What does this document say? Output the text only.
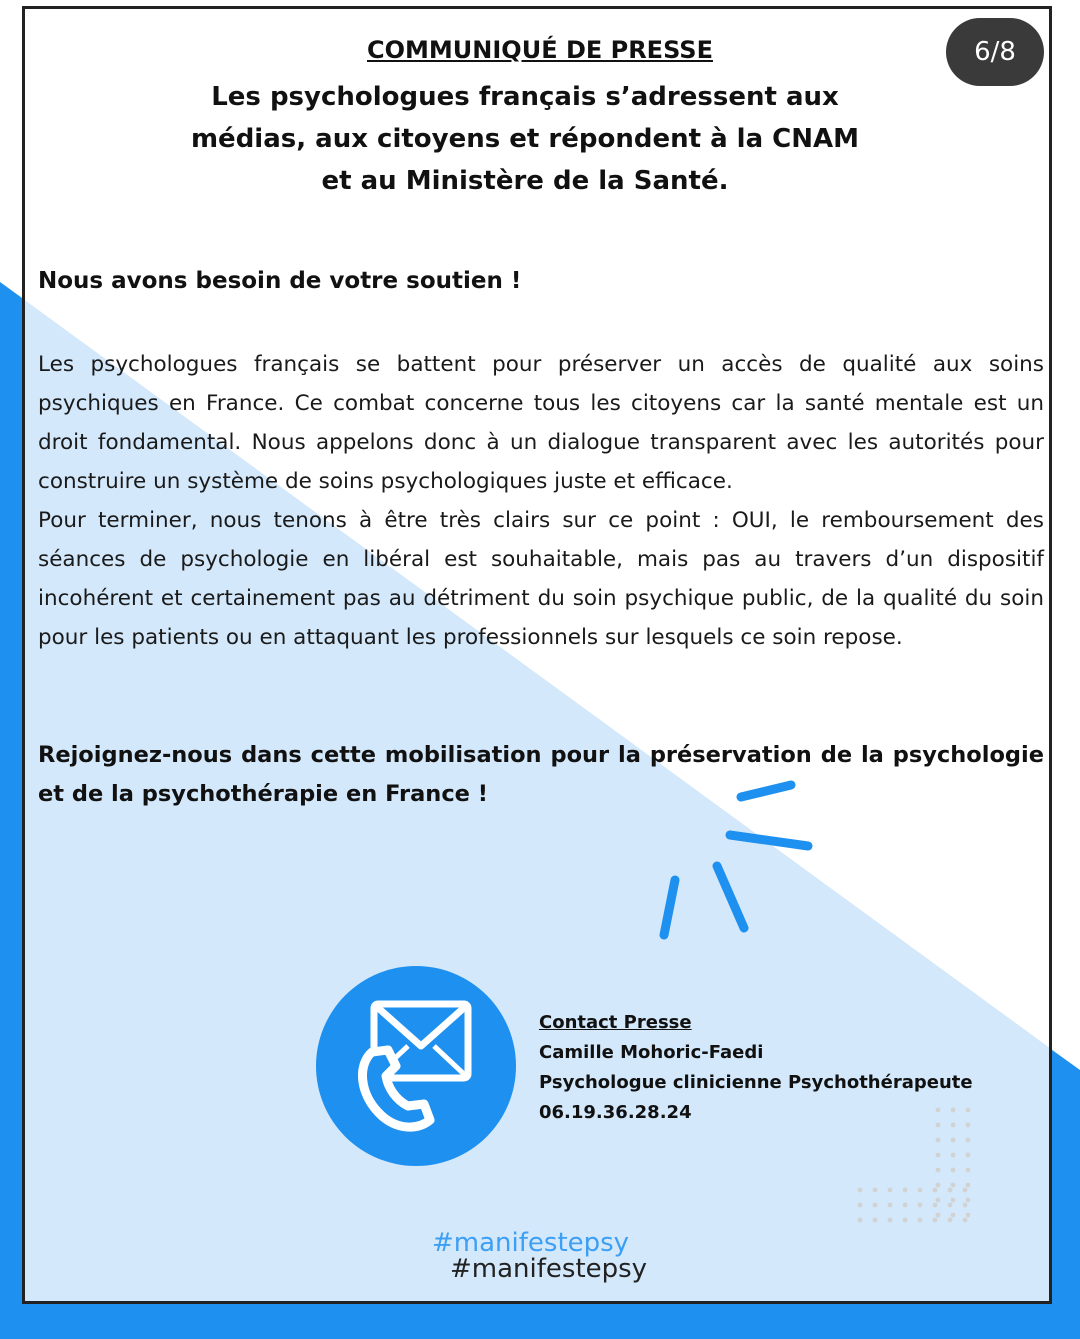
6/8
COMMUNIQUÉ DE PRESSE
Les psychologues français s’adressent aux
médias, aux citoyens et répondent à la CNAM
et au Ministère de la Santé.
Nous avons besoin de votre soutien !

Les psychologues français se battent pour préserver un accès de qualité aux soins psychiques en France. Ce combat concerne tous les citoyens car la santé mentale est un droit fondamental. Nous appelons donc à un dialogue transparent avec les autorités pour construire un système de soins psychologiques juste et efficace.

Pour terminer, nous tenons à être très clairs sur ce point : OUI, le remboursement des séances de psychologie en libéral est souhaitable, mais pas au travers d’un dispositif incohérent et certainement pas au détriment du soin psychique public, de la qualité du soin pour les patients ou en attaquant les professionnels sur lesquels ce soin repose.

Rejoignez-nous dans cette mobilisation pour la préservation de la psychologie et de la psychothérapie en France !
Contact Presse
Camille Mohoric-Faedi
Psychologue clinicienne Psychothérapeute
06.19.36.28.24
#manifestepsy
#manifestepsy
